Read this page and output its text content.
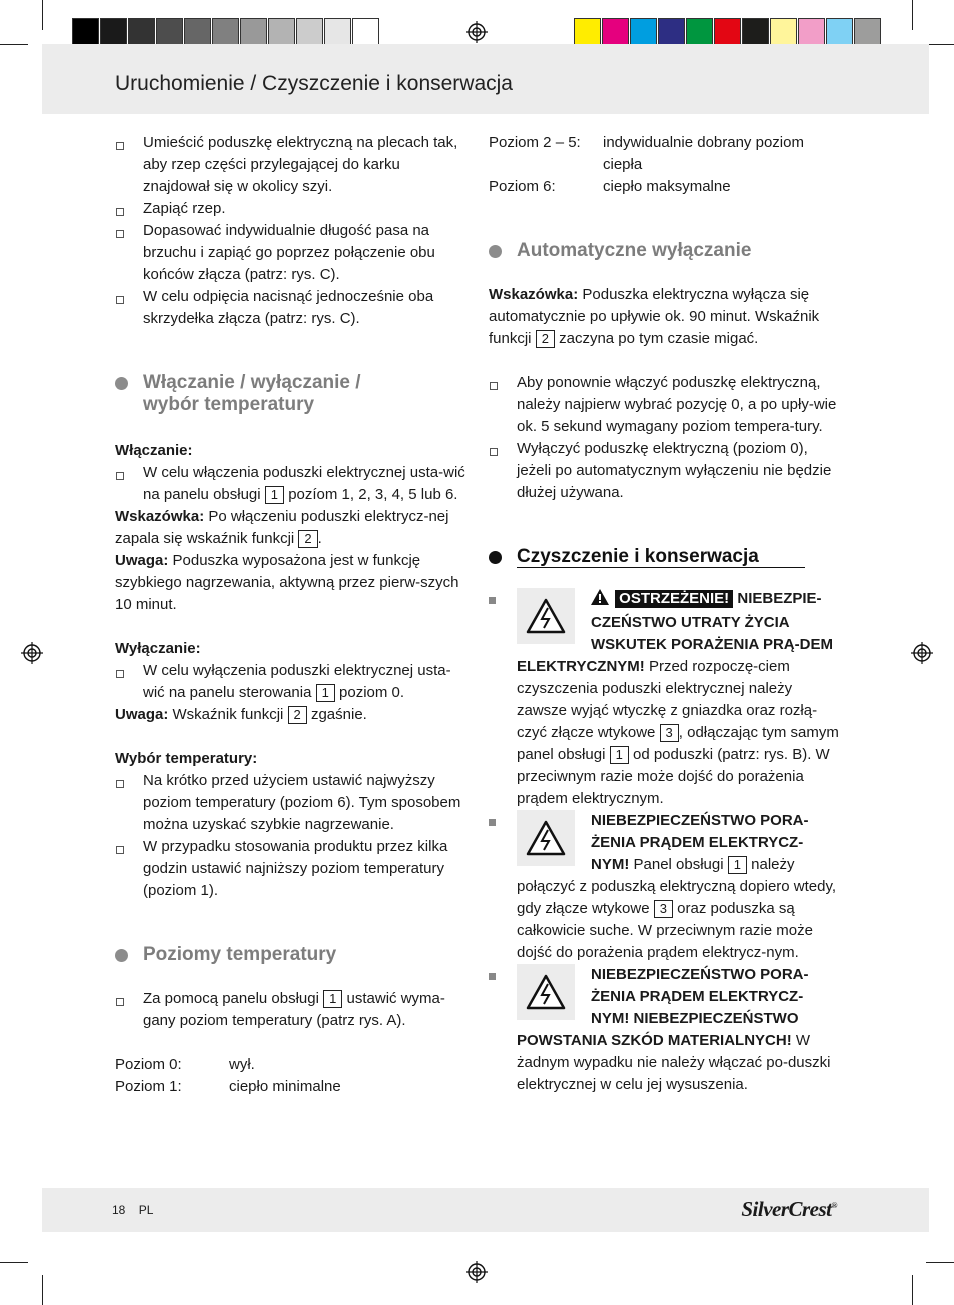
Uruchomienie / Czyszczenie i konserwacja

Umieścić poduszkę elektryczną na plecach tak, aby rzep części przylegającej do karku znajdował się w okolicy szyi.

Zapiąć rzep.

Dopasować indywidualnie długość pasa na brzuchu i zapiąć go poprzez połączenie obu końców złącza (patrz: rys. C).

W celu odpięcia nacisnąć jednocześnie oba skrzydełka złącza (patrz: rys. C).

Włączanie / wyłączanie /
wybór temperatury

Włączanie:

W celu włączenia poduszki elektrycznej usta-wić na panelu obsługi 1 pozíom 1, 2, 3, 4, 5 lub 6.

Wskazówka: Po włączeniu poduszki elektrycz-nej zapala się wskaźnik funkcji 2 .

Uwaga: Poduszka wyposażona jest w funkcję szybkiego nagrzewania, aktywną przez pierw-szych 10 minut.

Wyłączanie:

W celu wyłączenia poduszki elektrycznej usta-wić na panelu sterowania 1 poziom 0.

Uwaga: Wskaźnik funkcji 2 zgaśnie.

Wybór temperatury:

Na krótko przed użyciem ustawić najwyższy poziom temperatury (poziom 6). Tym sposobem można uzyskać szybkie nagrzewanie.

W przypadku stosowania produktu przez kilka godzin ustawić najniższy poziom temperatury (poziom 1).

Poziomy temperatury

Za pomocą panelu obsługi 1 ustawić wyma-gany poziom temperatury (patrz rys. A).

Poziom 0:	wył.
Poziom 1:	ciepło minimalne
Poziom 2 – 5:	indywidualnie dobrany poziom ciepła
Poziom 6:	ciepło maksymalne
Automatyczne wyłączanie

Wskazówka: Poduszka elektryczna wyłącza się automatycznie po upływie ok. 90 minut. Wskaźnik funkcji 2 zaczyna po tym czasie migać.

Aby ponownie włączyć poduszkę elektryczną, należy najpierw wybrać pozycję 0, a po upły-wie ok. 5 sekund wymagany poziom tempera-tury.

Wyłączyć poduszkę elektryczną (poziom 0), jeżeli po automatycznym wyłączeniu nie będzie dłużej używana.

Czyszczenie i konserwacja
OSTRZEŻENIE! NIEBEZPIE-CZEŃSTWO UTRATY ŻYCIA WSKUTEK PORAŻENIA PRĄ-DEM ELEKTRYCZNYM! Przed rozpoczę-ciem czyszczenia poduszki elektrycznej należy zawsze wyjąć wtyczkę z gniazdka oraz rozłą-czyć złącze wtykowe 3 , odłączając tym samym panel obsługi 1 od poduszki (patrz: rys. B). W przeciwnym razie może dojść do porażenia prądem elektrycznym.
NIEBEZPIECZEŃSTWO PORA-ŻENIA PRĄDEM ELEKTRYCZ-NYM! Panel obsługi 1 należy połączyć z poduszką elektryczną dopiero wtedy, gdy złącze wtykowe 3 oraz poduszka są całkowicie suche. W przeciwnym razie może dojść do porażenia prądem elektrycz-nym.
NIEBEZPIECZEŃSTWO PORA-ŻENIA PRĄDEM ELEKTRYCZ-NYM! NIEBEZPIECZEŃSTWO POWSTANIA SZKÓD MATERIALNYCH! W żadnym wypadku nie należy włączać po-duszki elektrycznej w celu jej wysuszenia.
18 PL	SilverCrest®
